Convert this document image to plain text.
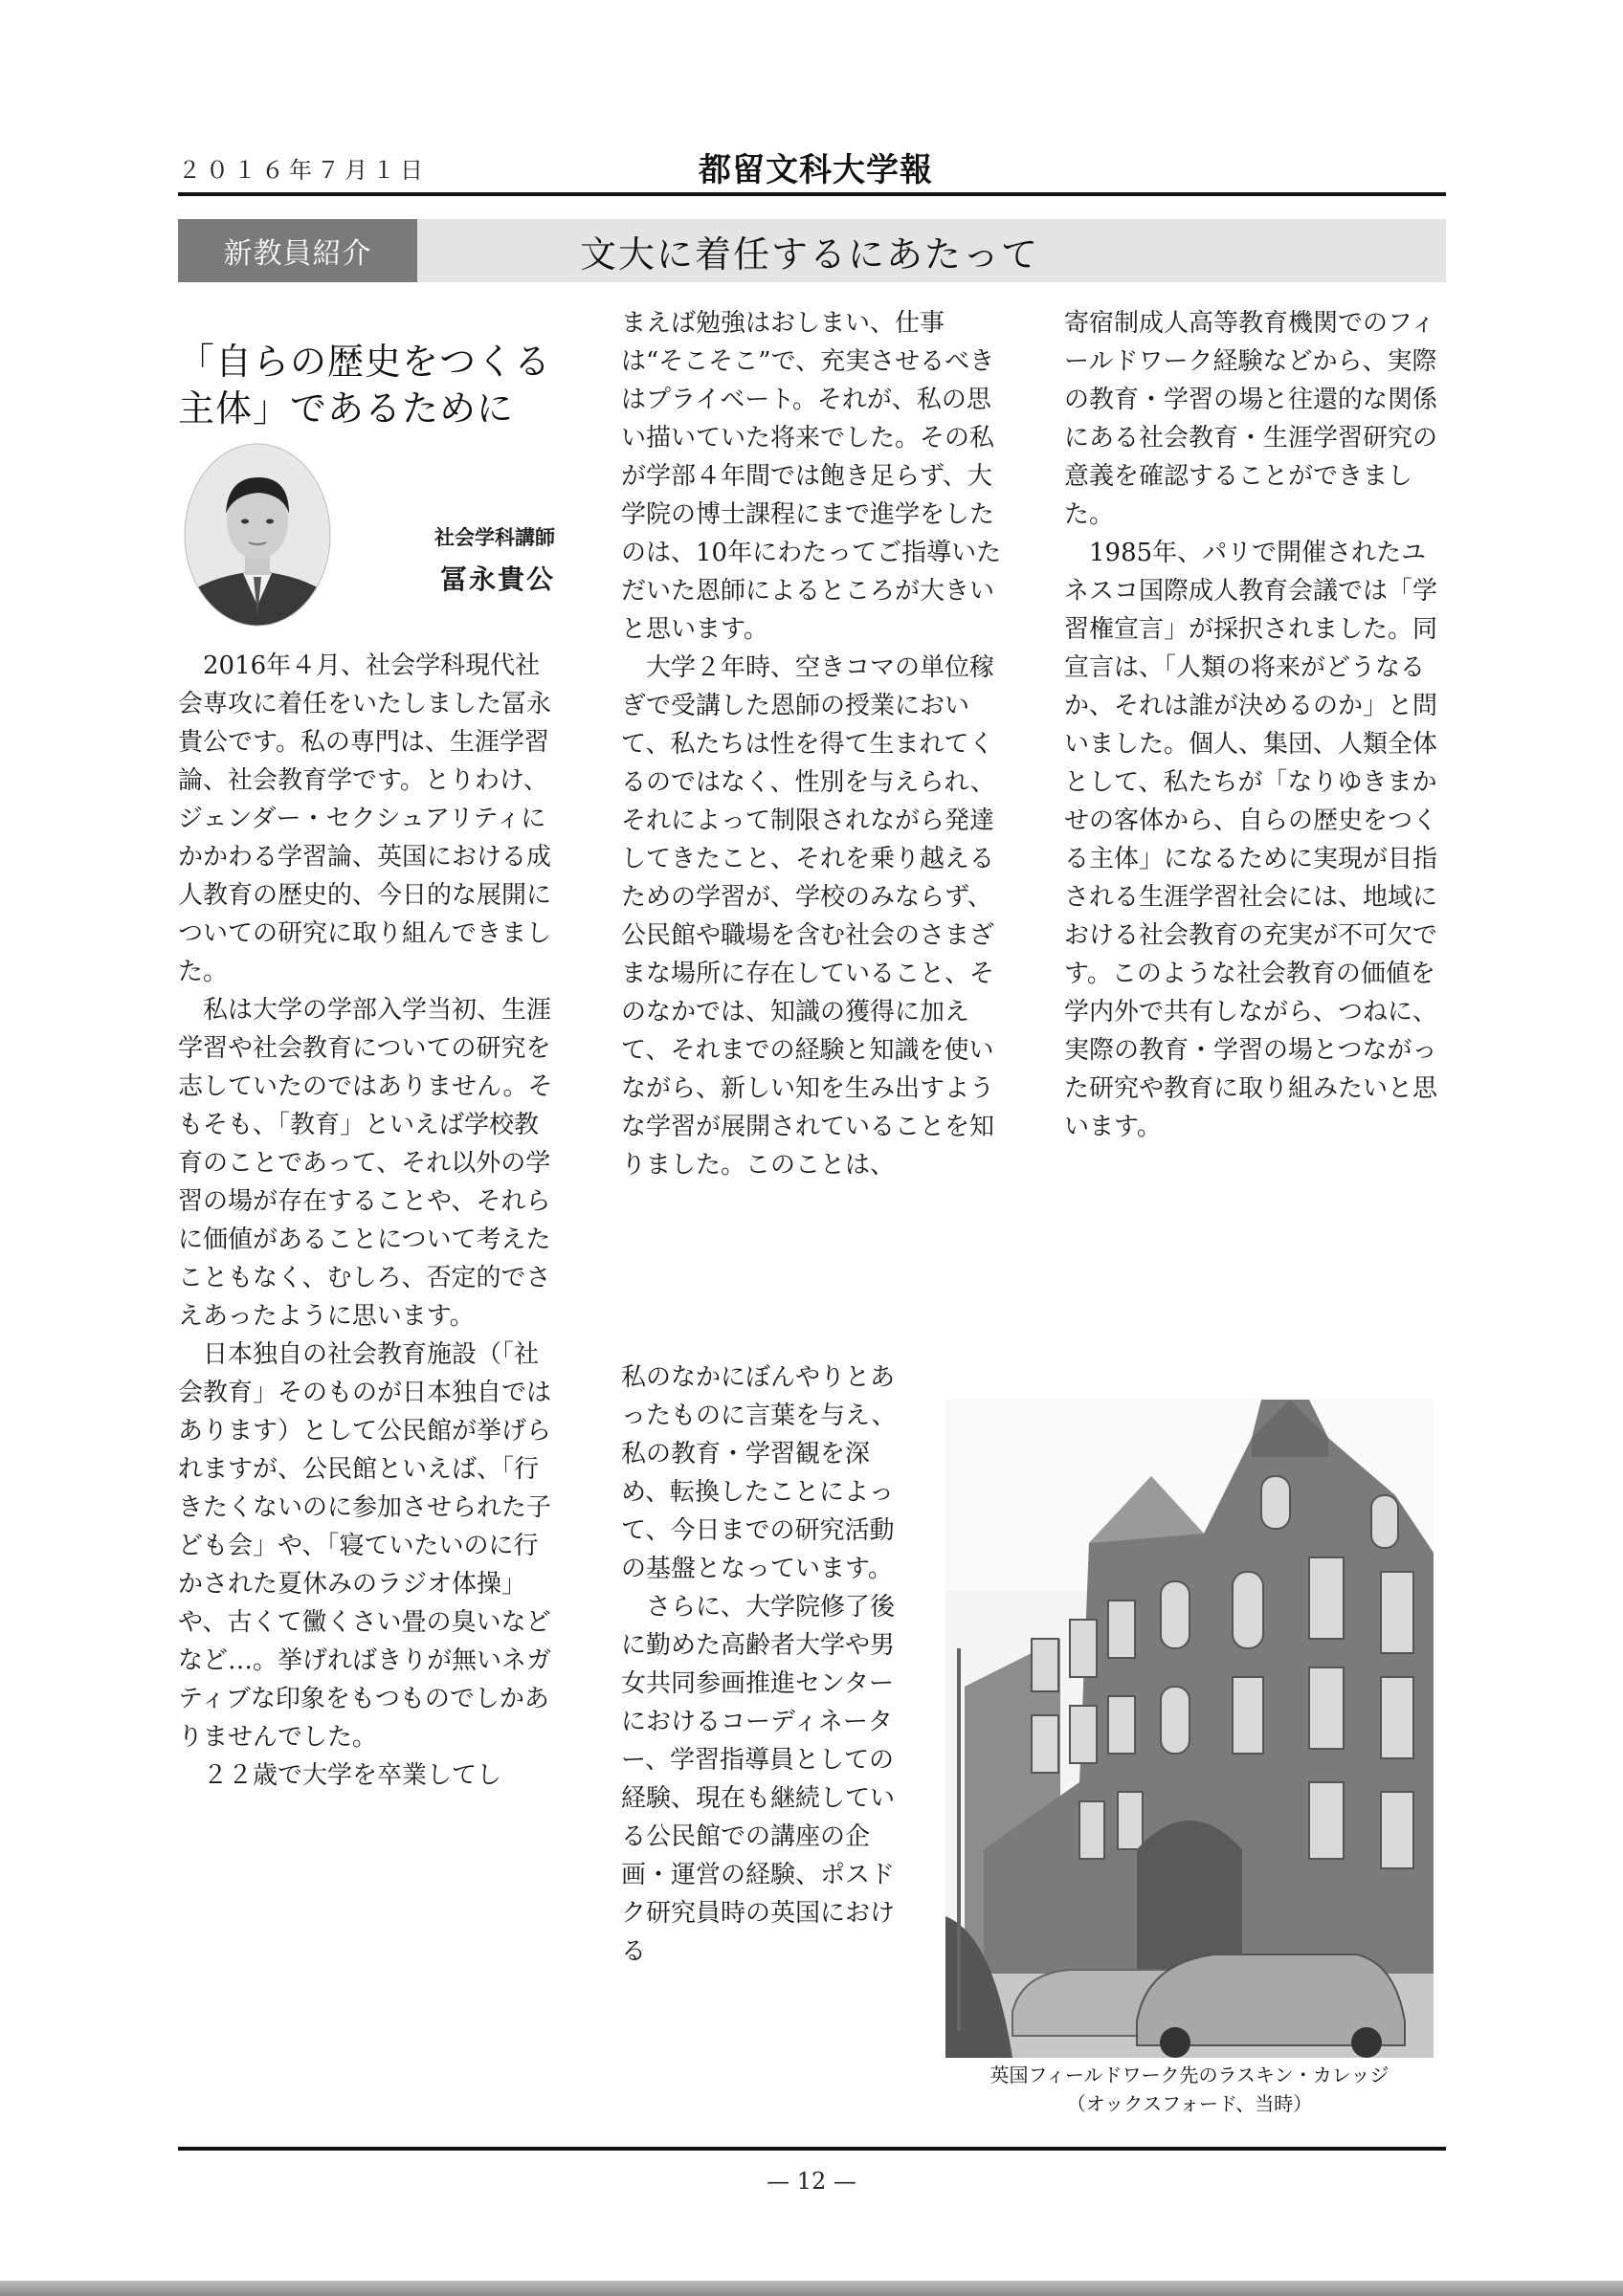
２０１６年７月１日	都留文科大学報
新教員紹介	文大に着任するにあたって
「自らの歴史をつくる
主体」であるために
社会学科講師
冨永貴公

2016年４月、社会学科現代社会専攻に着任をいたしました冨永貴公です。私の専門は、生涯学習論、社会教育学です。とりわけ、ジェンダー・セクシュアリティにかかわる学習論、英国における成人教育の歴史的、今日的な展開についての研究に取り組んできました。

私は大学の学部入学当初、生涯学習や社会教育についての研究を志していたのではありません。そもそも、「教育」といえば学校教育のことであって、それ以外の学習の場が存在することや、それらに価値があることについて考えたこともなく、むしろ、否定的でさえあったように思います。

日本独自の社会教育施設（「社会教育」そのものが日本独自ではあります）として公民館が挙げられますが、公民館といえば、「行きたくないのに参加させられた子ども会」や、「寝ていたいのに行かされた夏休みのラジオ体操」や、古くて黴くさい畳の臭いなどなど…。挙げればきりが無いネガティブな印象をもつものでしかありませんでした。

２２歳で大学を卒業してし

まえば勉強はおしまい、仕事は“そこそこ”で、充実させるべきはプライベート。それが、私の思い描いていた将来でした。その私が学部４年間では飽き足らず、大学院の博士課程にまで進学をしたのは、10年にわたってご指導いただいた恩師によるところが大きいと思います。

大学２年時、空きコマの単位稼ぎで受講した恩師の授業において、私たちは性を得て生まれてくるのではなく、性別を与えられ、それによって制限されながら発達してきたこと、それを乗り越えるための学習が、学校のみならず、公民館や職場を含む社会のさまざまな場所に存在していること、そのなかでは、知識の獲得に加えて、それまでの経験と知識を使いながら、新しい知を生み出すような学習が展開されていることを知りました。このことは、

私のなかにぼんやりとあったものに言葉を与え、私の教育・学習観を深め、転換したことによって、今日までの研究活動の基盤となっています。

さらに、大学院修了後に勤めた高齢者大学や男女共同参画推進センターにおけるコーディネーター、学習指導員としての経験、現在も継続している公民館での講座の企画・運営の経験、ポスドク研究員時の英国における

寄宿制成人高等教育機関でのフィールドワーク経験などから、実際の教育・学習の場と往還的な関係にある社会教育・生涯学習研究の意義を確認することができました。

1985年、パリで開催されたユネスコ国際成人教育会議では「学習権宣言」が採択されました。同宣言は、「人類の将来がどうなるか、それは誰が決めるのか」と問いました。個人、集団、人類全体として、私たちが「なりゆきまかせの客体から、自らの歴史をつくる主体」になるために実現が目指される生涯学習社会には、地域における社会教育の充実が不可欠です。このような社会教育の価値を学内外で共有しながら、つねに、実際の教育・学習の場とつながった研究や教育に取り組みたいと思います。

英国フィールドワーク先のラスキン・カレッジ
（オックスフォード、当時）
— 12 —
